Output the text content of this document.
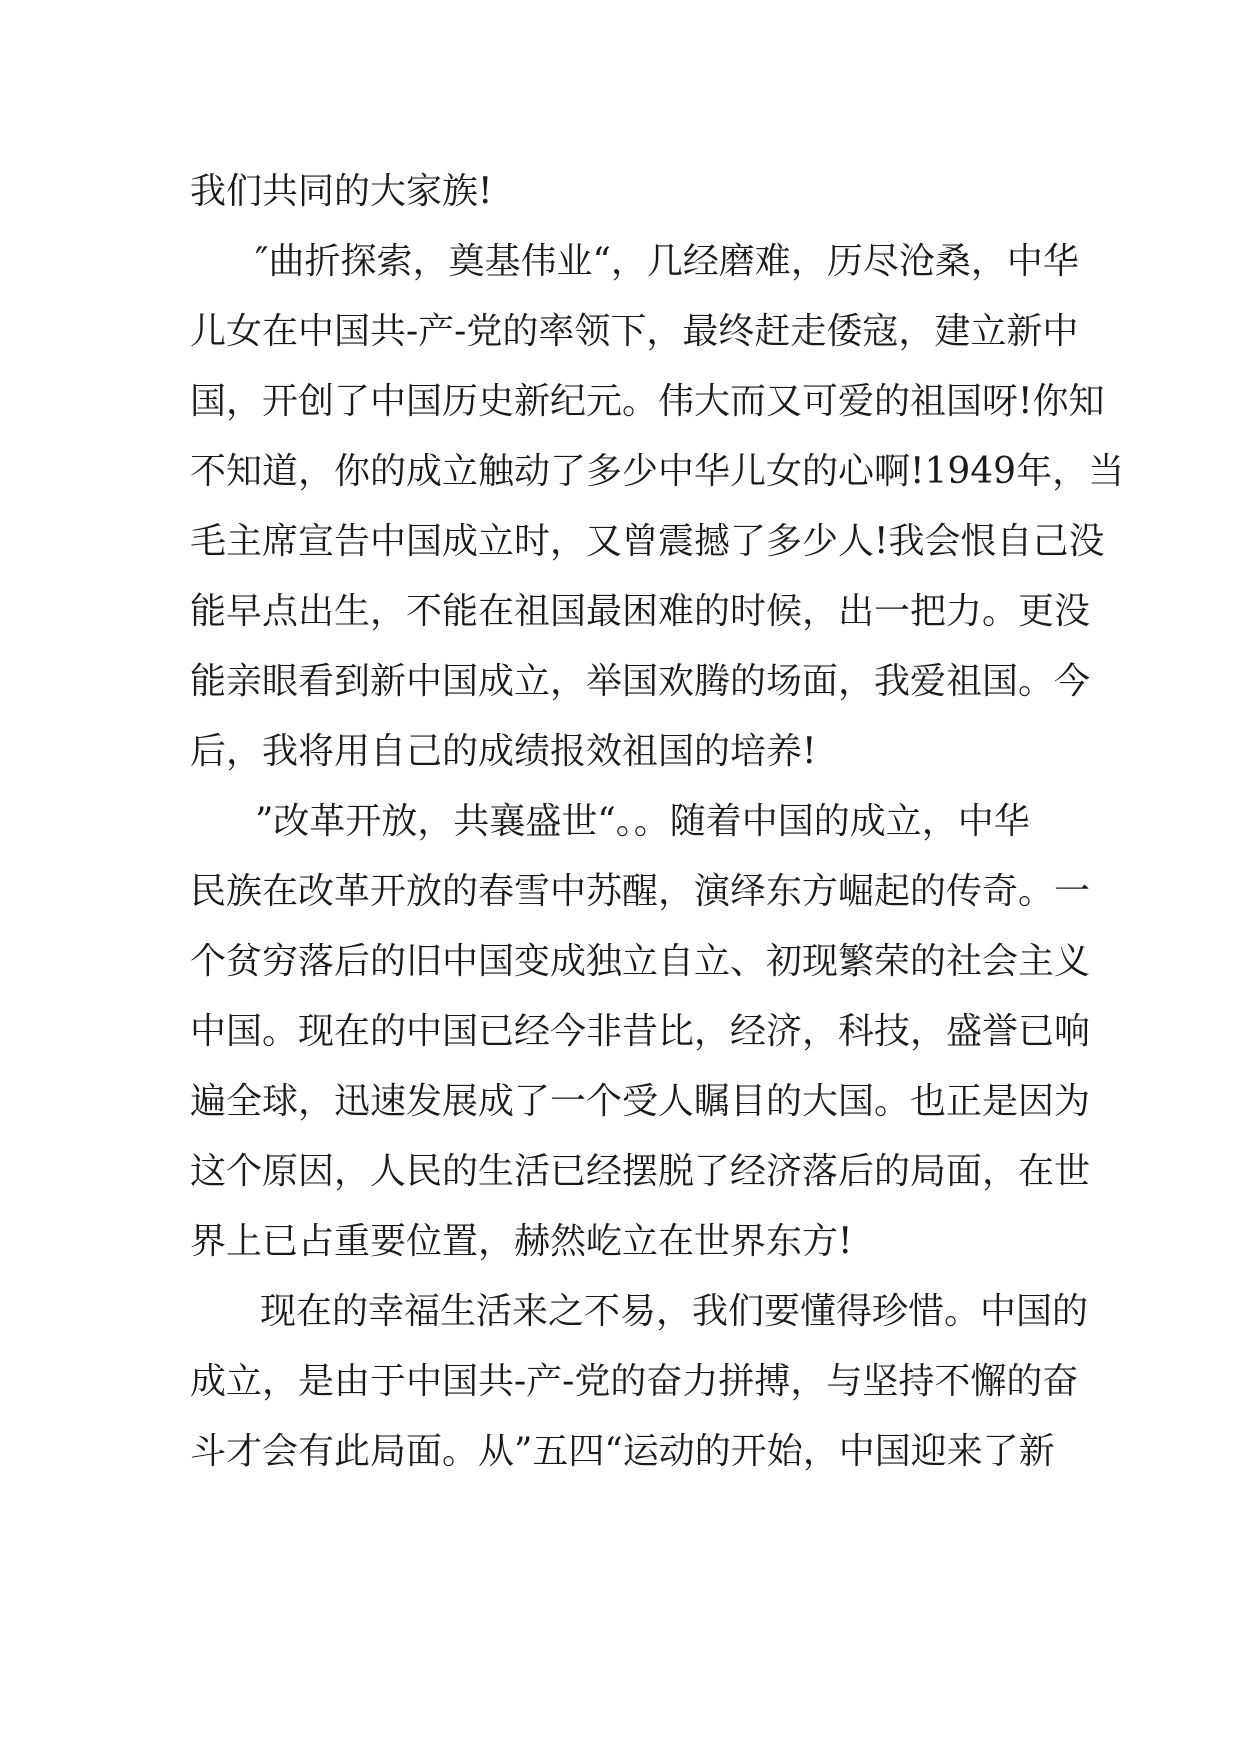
我们共同的大家族!
″曲折探索，奠基伟业“，几经磨难，历尽沧桑，中华
儿女在中国共-产-党的率领下，最终赶走倭寇，建立新中
国，开创了中国历史新纪元。伟大而又可爱的祖国呀!你知
不知道，你的成立触动了多少中华儿女的心啊!1949年，当
毛主席宣告中国成立时，又曾震撼了多少人!我会恨自己没
能早点出生，不能在祖国最困难的时候，出一把力。更没
能亲眼看到新中国成立，举国欢腾的场面，我爱祖国。今
后，我将用自己的成绩报效祖国的培养!
”改革开放，共襄盛世“。。随着中国的成立，中华
民族在改革开放的春雪中苏醒，演绎东方崛起的传奇。一
个贫穷落后的旧中国变成独立自立、初现繁荣的社会主义
中国。现在的中国已经今非昔比，经济，科技，盛誉已响
遍全球，迅速发展成了一个受人瞩目的大国。也正是因为
这个原因，人民的生活已经摆脱了经济落后的局面，在世
界上已占重要位置，赫然屹立在世界东方!
现在的幸福生活来之不易，我们要懂得珍惜。中国的
成立，是由于中国共-产-党的奋力拼搏，与坚持不懈的奋
斗才会有此局面。从”五四“运动的开始，中国迎来了新
